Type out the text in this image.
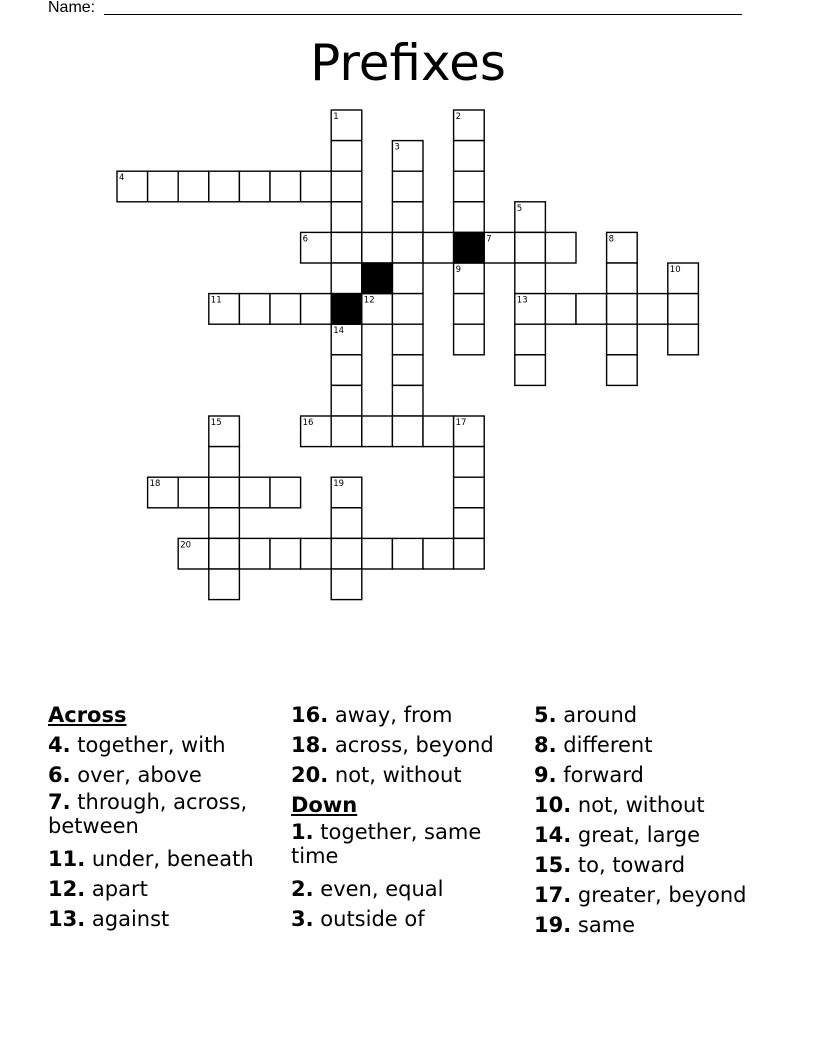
Name:
Prefixes
1	2
3
4
5
6	7	8
9	10
11	12	13
14
15	16	17
18	19
20
Across
4. together, with
6. over, above
7. through, across, between
11. under, beneath
12. apart
13. against
16. away, from
18. across, beyond
20. not, without
Down
1. together, same time
2. even, equal
3. outside of
5. around
8. different
9. forward
10. not, without
14. great, large
15. to, toward
17. greater, beyond
19. same
